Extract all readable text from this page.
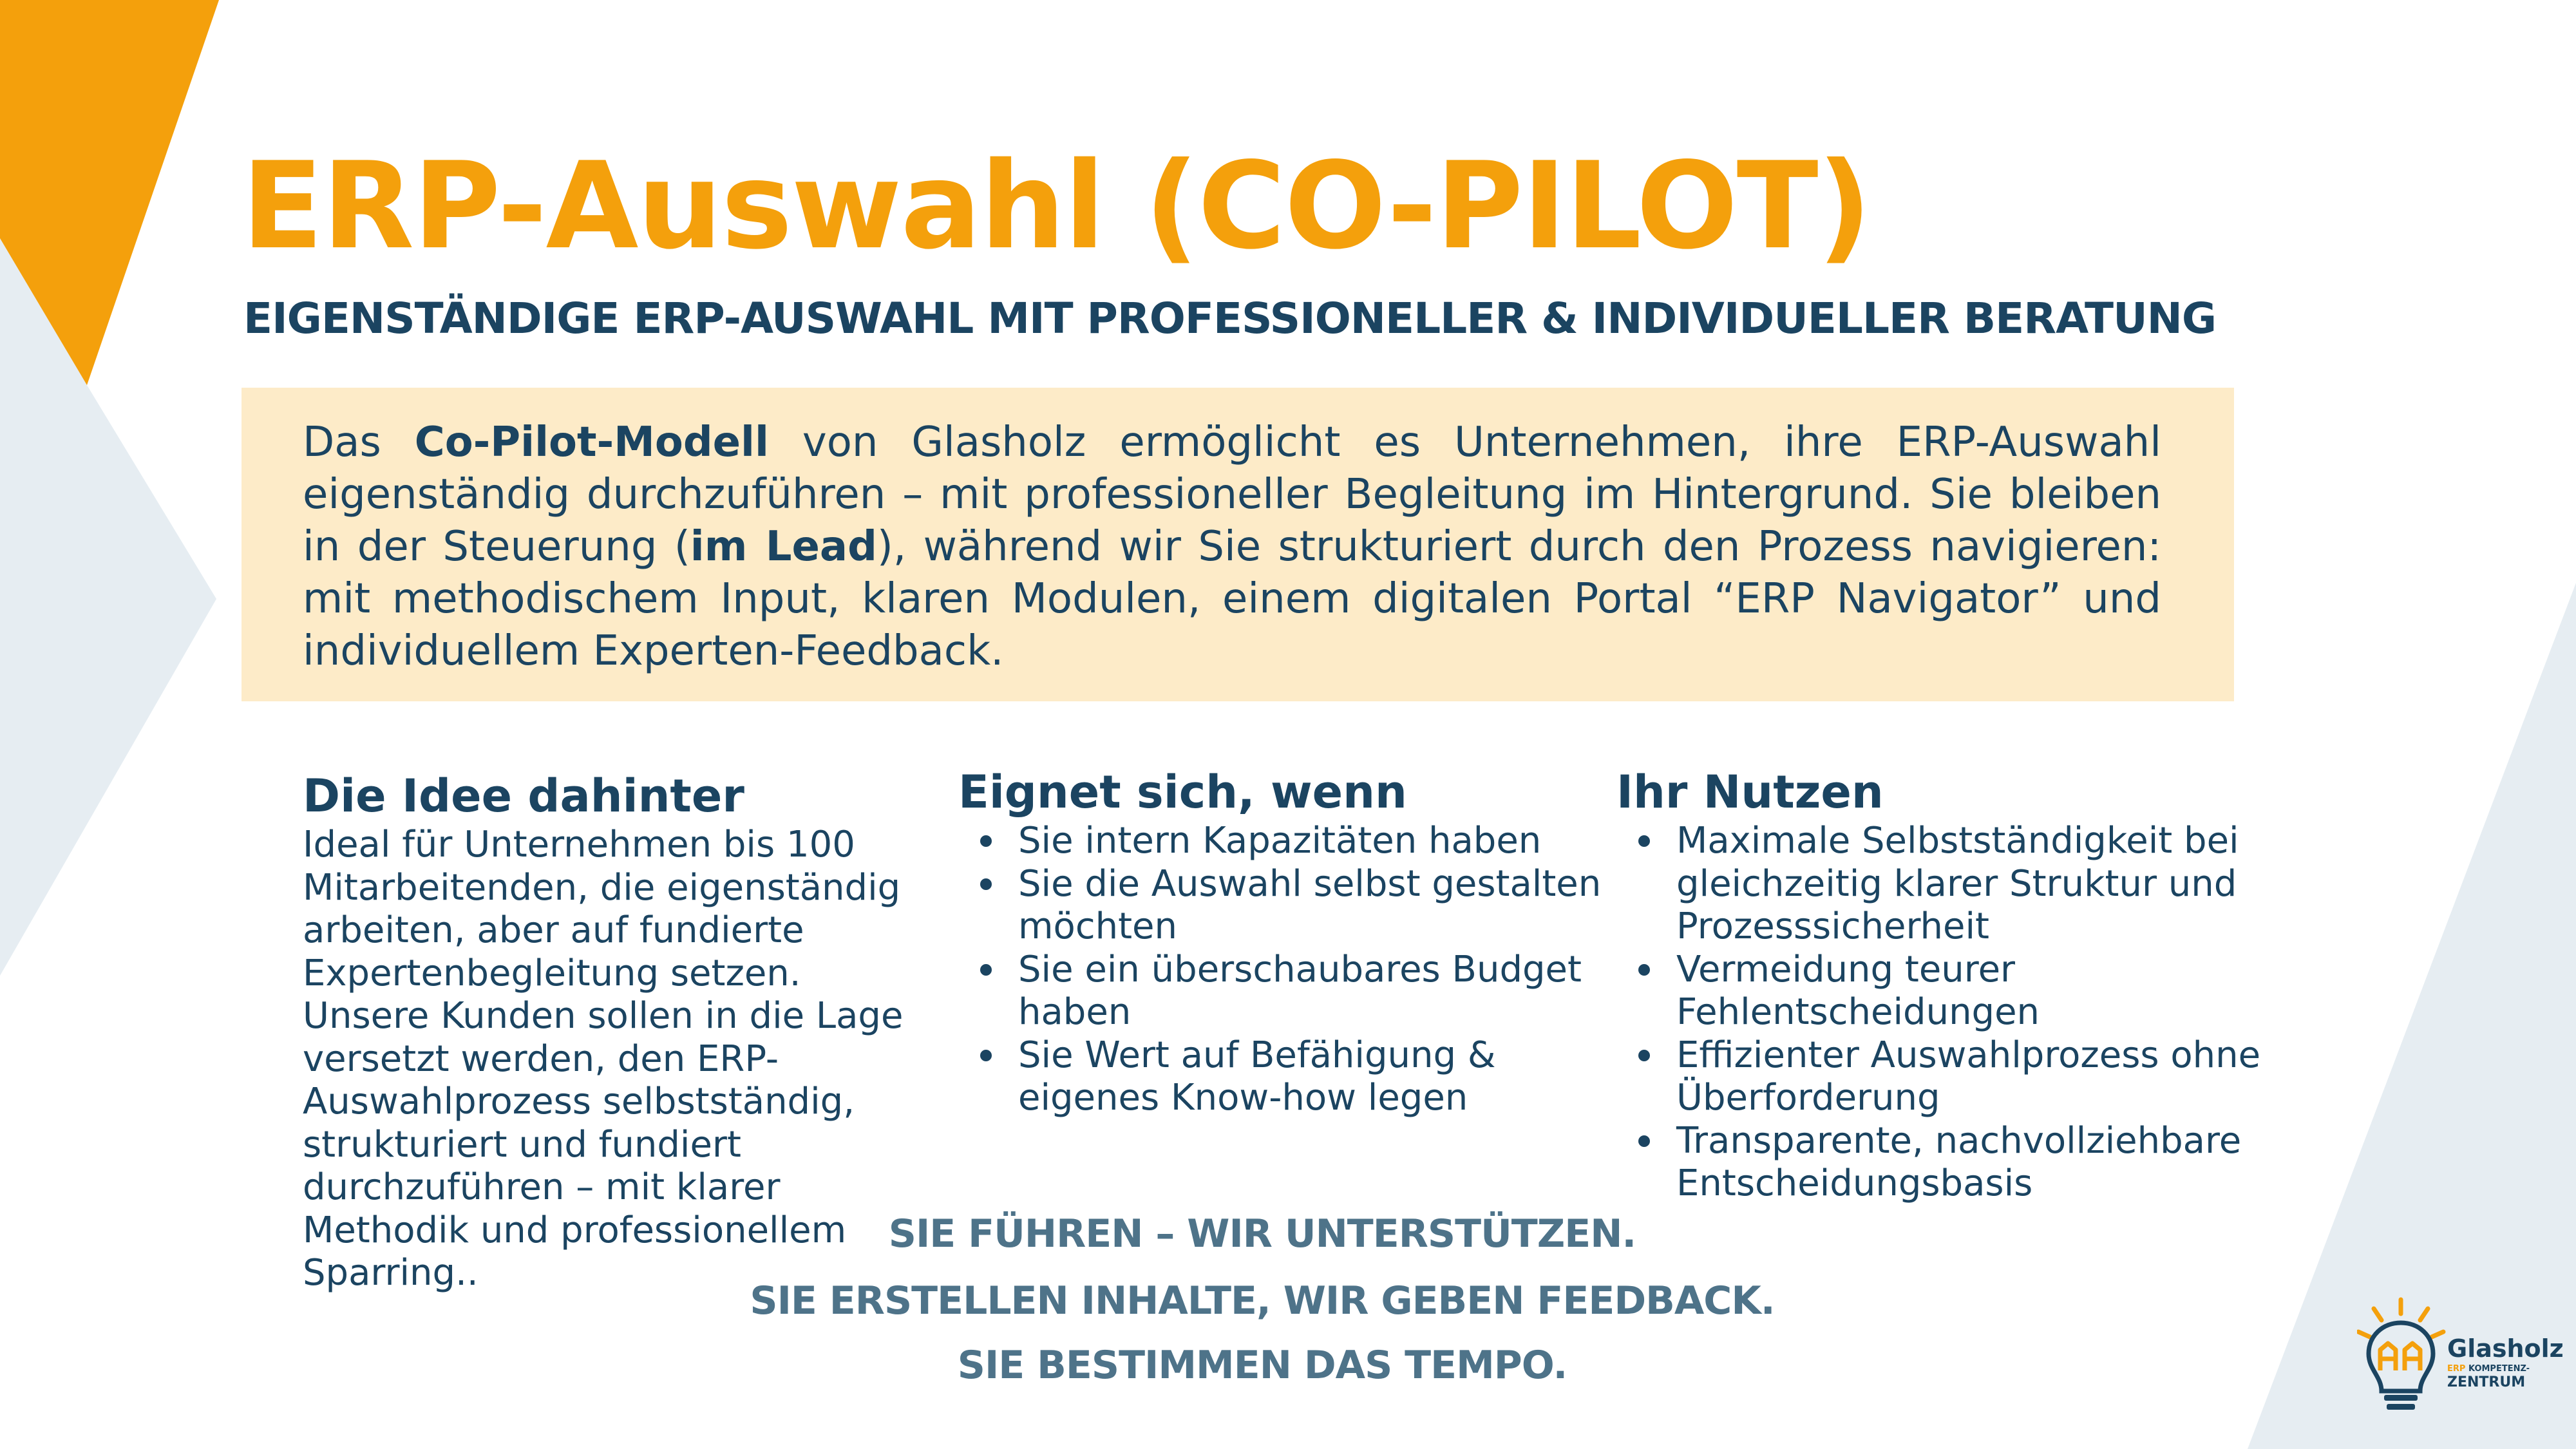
ERP-Auswahl (CO-PILOT)
EIGENSTÄNDIGE ERP-AUSWAHL MIT PROFESSIONELLER & INDIVIDUELLER BERATUNG

Das Co-Pilot-Modell von Glasholz ermöglicht es Unternehmen, ihre ERP-Auswahl eigenständig durchzuführen – mit professioneller Begleitung im Hintergrund. Sie bleiben in der Steuerung (im Lead), während wir Sie strukturiert durch den Prozess navigieren: mit methodischem Input, klaren Modulen, einem digitalen Portal “ERP Navigator” und individuellem Experten-Feedback.

Die Idee dahinter

Ideal für Unternehmen bis 100 Mitarbeitenden, die eigenständig arbeiten, aber auf fundierte Expertenbegleitung setzen. Unsere Kunden sollen in die Lage versetzt werden, den ERP-Auswahlprozess selbstständig, strukturiert und fundiert durchzuführen – mit klarer Methodik und professionellem Sparring..

Eignet sich, wenn
Sie intern Kapazitäten haben
Sie die Auswahl selbst gestalten möchten
Sie ein überschaubares Budget haben
Sie Wert auf Befähigung & eigenes Know-how legen
Ihr Nutzen
Maximale Selbstständigkeit bei gleichzeitig klarer Struktur und Prozesssicherheit
Vermeidung teurer Fehlentscheidungen
Effizienter Auswahlprozess ohne Überforderung
Transparente, nachvollziehbare Entscheidungsbasis
SIE FÜHREN – WIR UNTERSTÜTZEN.
SIE ERSTELLEN INHALTE, WIR GEBEN FEEDBACK.
SIE BESTIMMEN DAS TEMPO.	Glasholz
ERP KOMPETENZ-
ZENTRUM
